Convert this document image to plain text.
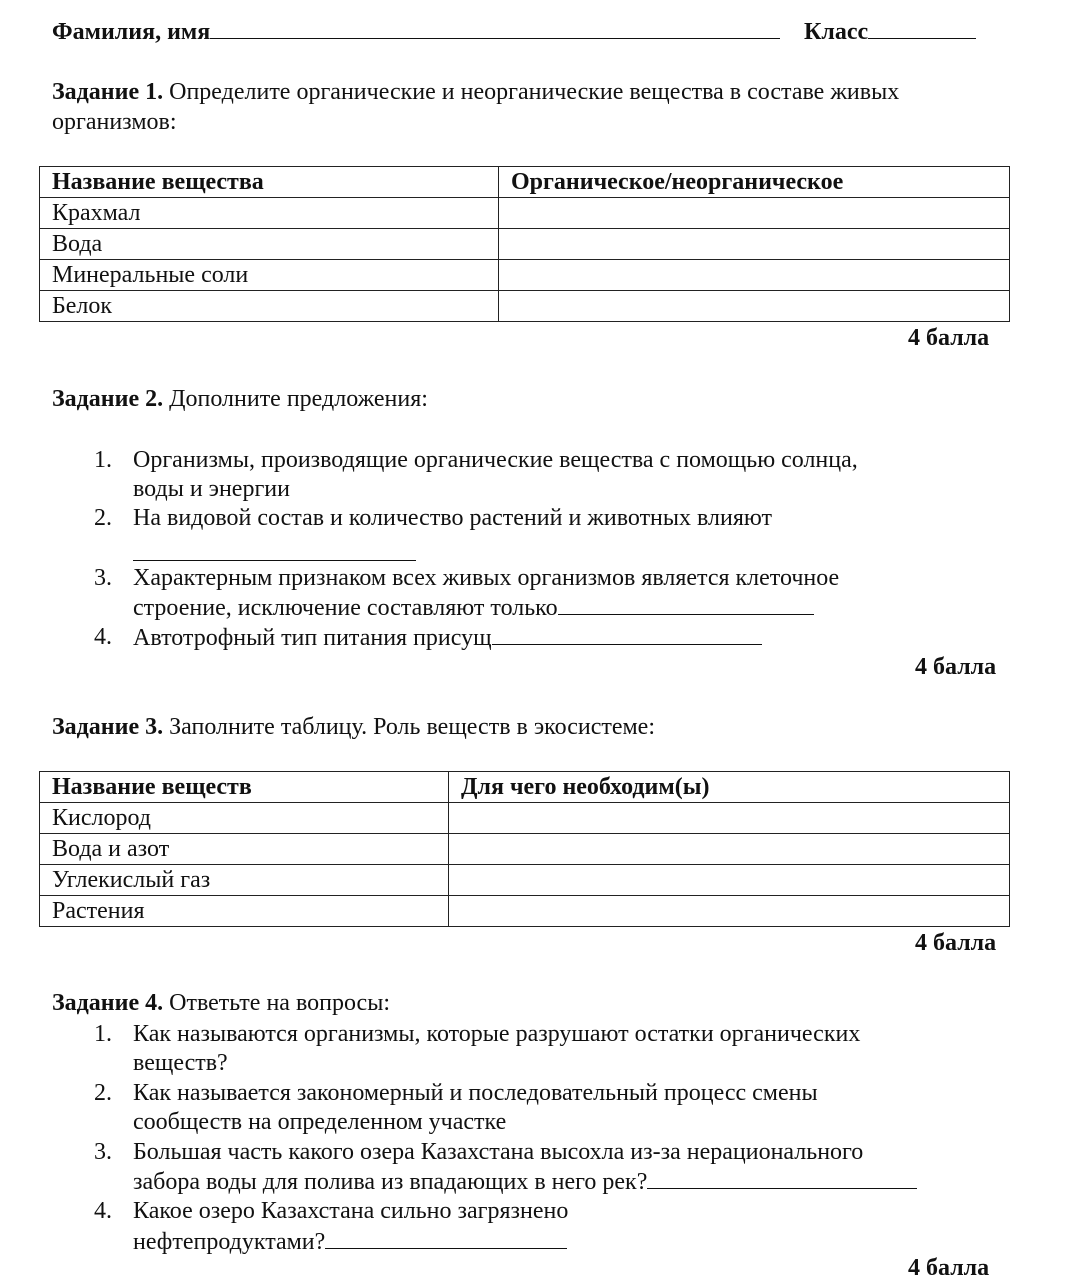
Фамилия, имя	Класс
Задание 1. Определите органические и неорганические вещества в составе живых
организмов:
Название вещества	Органическое/неорганическое
Крахмал	
Вода	
Минеральные соли	
Белок	
4 балла
Задание 2. Дополните предложения:
1. Организмы, производящие органические вещества с помощью солнца,
воды и энергии
2. На видовой состав и количество растений и животных влияют
3. Характерным признаком всех живых организмов является клеточное
строение, исключение составляют только
4. Автотрофный тип питания присущ
4 балла
Задание 3. Заполните таблицу. Роль веществ в экосистеме:
Название веществ	Для чего необходим(ы)
Кислород	
Вода и азот	
Углекислый газ	
Растения	
4 балла
Задание 4. Ответьте на вопросы:
1. Как называются организмы, которые разрушают остатки органических
веществ?
2. Как называется закономерный и последовательный процесс смены
сообществ на определенном участке
3. Большая часть какого озера Казахстана высохла из-за нерационального
забора воды для полива из впадающих в него рек?
4. Какое озеро Казахстана сильно загрязнено
нефтепродуктами?
4 балла
